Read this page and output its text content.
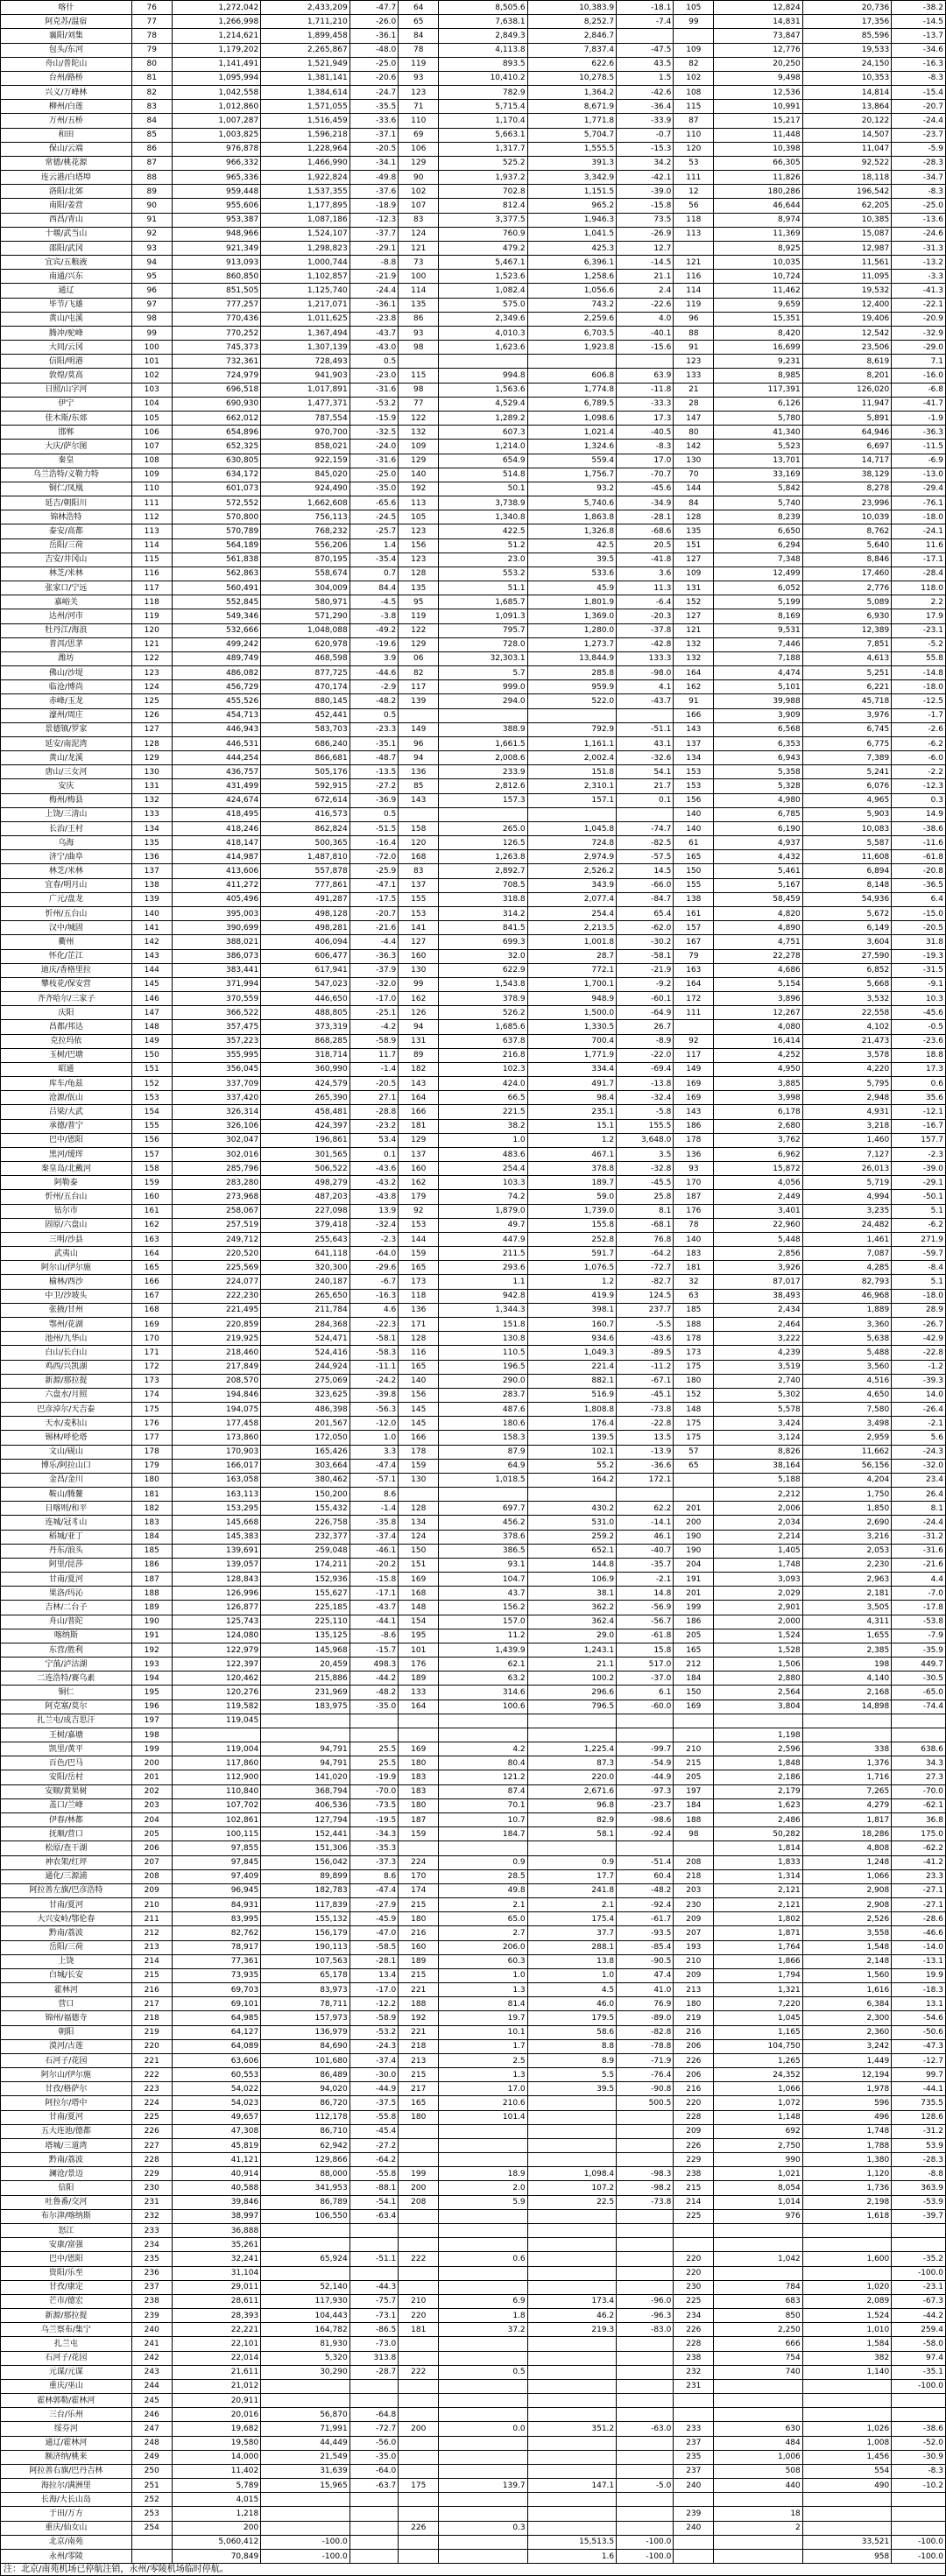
喀什	76	1,272,042	2,433,209	-47.7	64	8,505.6	10,383.9	-18.1	105	12,824	20,736	-38.2
阿克苏/温宿	77	1,266,998	1,711,210	-26.0	65	7,638.1	8,252.7	-7.4	99	14,831	17,356	-14.5
襄阳/刘集	78	1,214,621	1,899,458	-36.1	84	2,849.3	2,846.7			73,847	85,596	-13.7
包头/东河	79	1,179,202	2,265,867	-48.0	78	4,113.8	7,837.4	-47.5	109	12,776	19,533	-34.6
舟山/普陀山	80	1,141,491	1,521,949	-25.0	119	893.5	622.6	43.5	82	20,250	24,150	-16.3
台州/路桥	81	1,095,994	1,381,141	-20.6	93	10,410.2	10,278.5	1.5	102	9,498	10,353	-8.3
兴义/万峰林	82	1,042,558	1,384,614	-24.7	123	782.9	1,364.2	-42.6	108	12,536	14,814	-15.4
柳州/白莲	83	1,012,860	1,571,055	-35.5	71	5,715.4	8,671.9	-36.4	115	10,991	13,864	-20.7
万州/五桥	84	1,007,287	1,516,459	-33.6	110	1,170.4	1,771.8	-33.9	87	15,217	20,122	-24.4
和田	85	1,003,825	1,596,218	-37.1	69	5,663.1	5,704.7	-0.7	110	11,448	14,507	-23.7
保山/云端	86	976,878	1,228,964	-20.5	106	1,317.7	1,555.5	-15.3	120	10,398	11,047	-5.9
常德/桃花源	87	966,332	1,466,990	-34.1	129	525.2	391.3	34.2	53	66,305	92,522	-28.3
连云港/白塔埠	88	965,336	1,922,824	-49.8	90	1,937.2	3,342.9	-42.1	111	11,826	18,118	-34.7
洛阳/北郊	89	959,448	1,537,355	-37.6	102	702.8	1,151.5	-39.0	12	180,286	196,542	-8.3
南阳/姜营	90	955,606	1,177,895	-18.9	107	812.4	965.2	-15.8	56	46,644	62,205	-25.0
西昌/青山	91	953,387	1,087,186	-12.3	83	3,377.5	1,946.3	73.5	118	8,974	10,385	-13.6
十堰/武当山	92	948,966	1,524,107	-37.7	124	760.9	1,041.5	-26.9	113	11,369	15,087	-24.6
邵阳/武冈	93	921,349	1,298,823	-29.1	121	479.2	425.3	12.7		8,925	12,987	-31.3
宜宾/五粮液	94	913,093	1,000,744	-8.8	73	5,467.1	6,396.1	-14.5	121	10,035	11,561	-13.2
南通/兴东	95	860,850	1,102,857	-21.9	100	1,523.6	1,258.6	21.1	116	10,724	11,095	-3.3
通辽	96	851,505	1,125,740	-24.4	114	1,082.4	1,056.6	2.4	114	11,462	19,532	-41.3
毕节/飞雄	97	777,257	1,217,071	-36.1	135	575.0	743.2	-22.6	119	9,659	12,400	-22.1
黄山/屯溪	98	770,436	1,011,625	-23.8	86	2,349.6	2,259.6	4.0	96	15,351	19,406	-20.9
腾冲/驼峰	99	770,252	1,367,494	-43.7	93	4,010.3	6,703.5	-40.1	88	8,420	12,542	-32.9
大同/云冈	100	745,373	1,307,139	-43.0	98	1,623.6	1,923.8	-15.6	91	16,699	23,506	-29.0
信阳/明港	101	732,361	728,493	0.5					123	9,231	8,619	7.1
敦煌/莫高	102	724,979	941,903	-23.0	115	994.8	606.8	63.9	133	8,985	8,201	-16.0
日照/山字河	103	696,518	1,017,891	-31.6	98	1,563.6	1,774.8	-11.8	21	117,391	126,020	-6.8
伊宁	104	690,930	1,477,371	-53.2	77	4,529.4	6,789.5	-33.3	28	6,126	11,947	-41.7
佳木斯/东郊	105	662,012	787,554	-15.9	122	1,289.2	1,098.6	17.3	147	5,780	5,891	-1.9
邯郸	106	654,896	970,700	-32.5	132	607.3	1,021.4	-40.5	80	41,340	64,946	-36.3
大庆/萨尔图	107	652,325	858,021	-24.0	109	1,214.0	1,324.6	-8.3	142	5,523	6,697	-11.5
秦皇	108	630,805	922,159	-31.6	129	654.9	559.4	17.0	130	13,701	14,717	-6.9
乌兰浩特/义勒力特	109	634,172	845,020	-25.0	140	514.8	1,756.7	-70.7	70	33,169	38,129	-13.0
铜仁/凤凰	110	601,073	924,490	-35.0	192	50.1	93.2	-45.6	144	5,842	8,278	-29.4
延吉/朝阳川	111	572,552	1,662,608	-65.6	113	3,738.9	5,740.6	-34.9	84	5,740	23,996	-76.1
锦林浩特	112	570,800	756,113	-24.5	105	1,340.8	1,863.8	-28.1	128	8,239	10,039	-18.0
泰安/高都	113	570,789	768,232	-25.7	123	422.5	1,326.8	-68.6	135	6,650	8,762	-24.1
岳阳/三荷	114	564,189	556,206	1.4	156	51.2	42.5	20.5	151	6,294	5,640	11.6
吉安/井冈山	115	561,838	870,195	-35.4	123	23.0	39.5	-41.8	127	7,348	8,846	-17.1
林芝/米林	116	562,863	558,674	0.7	128	553.2	533.6	3.6	109	12,499	17,460	-28.4
张家口/宁远	117	560,491	304,009	84.4	135	51.1	45.9	11.3	131	6,052	2,776	118.0
嘉峪关	118	552,845	580,971	-4.5	95	1,685.7	1,801.9	-6.4	152	5,199	5,089	2.2
达州/河市	119	549,346	571,290	-3.8	119	1,091.3	1,369.0	-20.3	127	8,169	6,930	17.9
牡丹江/海浪	120	532,666	1,048,088	-49.2	122	795.7	1,280.0	-37.8	121	9,531	12,389	-23.1
普洱/思茅	121	499,242	620,978	-19.6	129	728.0	1,273.7	-42.8	132	7,446	7,851	-5.2
潍坊	122	489,749	468,598	3.9	06	32,303.1	13,844.9	133.3	132	7,188	4,613	55.8
佛山/沙堤	123	486,082	877,725	-44.6	82	5.7	285.8	-98.0	164	4,474	5,251	-14.8
临沧/博尚	124	456,729	470,174	-2.9	117	999.0	959.9	4.1	162	5,101	6,221	-18.0
赤峰/玉龙	125	455,526	880,145	-48.2	139	294.0	522.0	-43.7	91	39,988	45,718	-12.5
濠州/周庄	126	454,713	452,441	0.5					166	3,909	3,976	-1.7
景德镇/罗家	127	446,943	583,703	-23.3	149	388.9	792.9	-51.1	143	6,568	6,745	-2.6
延安/南泥湾	128	446,531	686,240	-35.1	96	1,661.5	1,161.1	43.1	137	6,353	6,775	-6.2
黄山/龙溪	129	444,254	866,681	-48.7	94	2,008.6	2,002.4	-32.6	134	6,943	7,389	-6.0
唐山/三女河	130	436,757	505,176	-13.5	136	233.9	151.8	54.1	153	5,358	5,241	-2.2
安庆	131	431,499	592,915	-27.2	85	2,812.6	2,310.1	21.7	153	5,328	6,076	-12.3
梅州/梅县	132	424,674	672,614	-36.9	143	157.3	157.1	0.1	156	4,980	4,965	0.3
上饶/三清山	133	418,495	416,573	0.5					140	6,785	5,903	14.9
长治/王村	134	418,246	862,824	-51.5	158	265.0	1,045.8	-74.7	140	6,190	10,083	-38.6
乌海	135	418,147	500,365	-16.4	120	126.5	724.8	-82.5	61	4,937	5,587	-11.6
济宁/曲阜	136	414,987	1,487,810	-72.0	168	1,263.8	2,974.9	-57.5	165	4,432	11,608	-61.8
林芝/米林	137	413,606	557,878	-25.9	83	2,892.7	2,526.2	14.5	150	5,461	6,894	-20.8
宜春/明月山	138	411,272	777,861	-47.1	137	708.5	343.9	-66.0	155	5,167	8,148	-36.5
广元/盘龙	139	405,496	491,287	-17.5	155	318.8	2,077.4	-84.7	138	58,459	54,936	6.4
忻州/五台山	140	395,003	498,128	-20.7	153	314.2	254.4	65.4	161	4,820	5,672	-15.0
汉中/城固	141	390,699	498,281	-21.6	141	841.5	2,213.5	-62.0	157	4,890	6,149	-20.5
衢州	142	388,021	406,094	-4.4	127	699.3	1,001.8	-30.2	167	4,751	3,604	31.8
怀化/芷江	143	386,073	606,477	-36.3	160	32.0	28.7	-58.1	79	22,278	27,590	-19.3
迪庆/香格里拉	144	383,441	617,941	-37.9	130	622.9	772.1	-21.9	163	4,686	6,852	-31.5
攀枝花/保安营	145	371,994	547,023	-32.0	99	1,543.8	1,700.1	-9.2	164	5,154	5,668	-9.1
齐齐哈尔/三家子	146	370,559	446,650	-17.0	162	378.9	948.9	-60.1	172	3,896	3,532	10.3
庆阳	147	366,522	488,805	-25.1	126	526.2	1,500.0	-64.9	111	12,267	22,558	-45.6
昌都/邦达	148	357,475	373,319	-4.2	94	1,685.6	1,330.5	26.7		4,080	4,102	-0.5
克拉玛依	149	357,223	868,285	-58.9	131	637.8	700.4	-8.9	92	16,414	21,473	-23.6
玉树/巴塘	150	355,995	318,714	11.7	89	216.8	1,771.9	-22.0	117	4,252	3,578	18.8
昭通	151	356,045	360,990	-1.4	182	102.3	334.4	-69.4	149	4,950	4,220	17.3
库车/龟兹	152	337,709	424,579	-20.5	143	424.0	491.7	-13.8	169	3,885	5,795	0.6
沧源/佤山	153	337,420	265,390	27.1	164	66.5	98.4	-32.4	169	3,998	2,948	35.6
吕梁/大武	154	326,314	458,481	-28.8	166	221.5	235.1	-5.8	143	6,178	4,931	-12.1
承德/普宁	155	326,106	424,397	-23.2	181	38.2	15.1	155.5	186	2,680	3,218	-16.7
巴中/恩阳	156	302,047	196,861	53.4	129	1.0	1.2	3,648.0	178	3,762	1,460	157.7
黑河/瑷珲	157	302,016	301,565	0.1	137	483.6	467.1	3.5	136	6,962	7,127	-2.3
秦皇岛/北戴河	158	285,796	506,522	-43.6	160	254.4	378.8	-32.8	93	15,872	26,013	-39.0
阿勒泰	159	283,280	498,279	-43.2	162	103.3	189.7	-45.5	170	4,056	5,719	-29.1
忻州/五台山	160	273,968	487,203	-43.8	179	74.2	59.0	25.8	187	2,449	4,994	-50.1
钻尔市	161	258,067	227,098	13.9	92	1,879.0	1,739.0	8.1	176	3,401	3,235	5.1
固原/六盘山	162	257,519	379,418	-32.4	153	49.7	155.8	-68.1	78	22,960	24,482	-6.2
三明/沙县	163	249,712	255,643	-2.3	144	447.9	252.8	76.8	140	5,448	1,461	271.9
武夷山	164	220,520	641,118	-64.0	159	211.5	591.7	-64.2	183	2,856	7,087	-59.7
阿尔山/伊尔施	165	225,569	320,300	-29.6	165	293.6	1,076.5	-72.7	181	3,926	4,285	-8.4
榆林/西沙	166	224,077	240,187	-6.7	173	1.1	1.2	-82.7	32	87,017	82,793	5.1
中卫/沙坡头	167	222,230	265,650	-16.3	118	942.8	419.9	124.5	63	38,493	46,968	-18.0
张掖/甘州	168	221,495	211,784	4.6	136	1,344.3	398.1	237.7	185	2,434	1,889	28.9
鄂州/花湖	169	220,859	284,368	-22.3	171	151.8	160.7	-5.5	188	2,464	3,360	-26.7
池州/九华山	170	219,925	524,471	-58.1	128	130.8	934.6	-43.6	178	3,222	5,638	-42.9
白山/长白山	171	218,460	524,416	-58.3	116	110.5	1,049.3	-89.5	173	4,239	5,488	-22.8
鸡西/兴凯湖	172	217,849	244,924	-11.1	165	196.5	221.4	-11.2	175	3,519	3,560	-1.2
新源/那拉提	173	208,570	275,069	-24.2	140	290.0	882.1	-67.1	180	2,740	4,516	-39.3
六盘水/月照	174	194,846	323,625	-39.8	156	283.7	516.9	-45.1	152	5,302	4,650	14.0
巴彦淖尔/天吉泰	175	194,075	486,398	-56.3	145	487.6	1,808.8	-73.8	148	5,578	7,580	-26.4
天水/麦积山	176	177,458	201,567	-12.0	145	180.6	176.4	-22.8	175	3,424	3,498	-2.1
锡林/呼伦塔	177	173,860	172,050	1.0	166	158.3	139.5	13.5	175	3,124	2,959	5.6
文山/砚山	178	170,903	165,426	3.3	178	87.9	102.1	-13.9	57	8,826	11,662	-24.3
博乐/阿拉山口	179	166,017	303,664	-47.4	159	64.9	55.2	-36.6	65	38,164	56,156	-32.0
金昌/金川	180	163,058	380,462	-57.1	130	1,018.5	164.2	172.1		5,188	4,204	23.4
鞍山/腾鳌	181	163,113	150,200	8.6						2,212	1,750	26.4
日喀则/和平	182	153,295	155,432	-1.4	128	697.7	430.2	62.2	201	2,006	1,850	8.1
连城/冠豸山	183	145,668	226,758	-35.8	134	456.2	531.0	-14.1	200	2,034	2,690	-24.4
稻城/亚丁	184	145,383	232,377	-37.4	124	378.6	259.2	46.1	190	2,214	3,216	-31.2
丹东/浪头	185	139,691	259,048	-46.1	150	386.5	652.1	-40.7	190	1,405	2,053	-31.6
阿里/昆莎	186	139,057	174,211	-20.2	151	93.1	144.8	-35.7	204	1,748	2,230	-21.6
甘南/夏河	187	128,843	152,936	-15.8	169	104.7	106.9	-2.1	191	3,093	2,963	4.4
果洛/玛沁	188	126,996	155,627	-17.1	168	43.7	38.1	14.8	201	2,029	2,181	-7.0
吉林/二台子	189	126,877	225,185	-43.7	148	156.2	362.2	-56.9	199	2,901	3,505	-17.8
舟山/普陀	190	125,743	225,110	-44.1	154	157.0	362.4	-56.7	186	2,000	4,311	-53.8
喀纳斯	191	124,080	135,125	-8.6	195	11.2	29.0	-61.8	205	1,524	1,655	-7.9
东营/胜利	192	122,979	145,968	-15.7	101	1,439.9	1,243.1	15.8	165	1,528	2,385	-35.9
宁蒗/泸沽湖	193	122,397	20,459	498.3	176	62.1	21.1	517.0	212	1,506	198	449.7
二连浩特/赛乌素	194	120,462	215,886	-44.2	189	63.2	100.2	-37.0	184	2,880	4,140	-30.5
铜仁	195	120,276	231,969	-48.2	133	314.6	296.6	6.1	150	2,564	2,168	-65.0
阿克塞/莫尔	196	119,582	183,975	-35.0	164	100.6	796.5	-60.0	169	3,804	14,898	-74.4
扎兰屯/成吉思汗	197	119,045										
王树/嘉塘	198									1,198		
凯里/黄平	199	119,004	94,791	25.5	169	4.2	1,225.4	-99.7	210	2,596	338	638.6
百色/巴马	200	117,860	94,791	25.5	180	80.4	87.3	-54.9	215	1,848	1,376	34.3
安阳/岳村	201	112,900	141,020	-19.9	183	121.2	220.0	-44.9	205	2,186	1,716	27.3
安顺/黄果树	202	110,840	368,794	-70.0	183	87.4	2,671.6	-97.3	197	2,179	7,265	-70.0
盖口/兰峰	203	107,702	406,536	-73.5	180	70.1	96.8	-23.7	184	1,623	4,279	-62.1
伊春/林都	204	102,861	127,794	-19.5	187	10.7	82.9	-98.6	188	2,486	1,817	36.8
抚顺/营口	205	100,115	152,441	-34.3	159	184.7	58.1	-92.4	98	50,282	18,286	175.0
松原/查干湖	206	97,855	151,306	-35.3						1,814	4,808	-62.2
神农架/红坪	207	97,845	156,042	-37.3	224	0.9	0.9	-51.4	208	1,833	1,248	-41.2
通化/三源浦	208	97,409	89,899	8.6	170	28.5	17.7	60.4	218	1,314	1,066	23.3
阿拉善左旗/巴彦浩特	209	96,945	182,783	-47.4	174	49.8	241.8	-48.2	203	2,121	2,908	-27.1
甘南/夏河	210	84,931	117,839	-27.9	215	2.1	2.1	-92.4	230	2,121	2,908	-27.1
大兴安岭/鄂伦春	211	83,995	155,132	-45.9	180	65.0	175.4	-61.7	209	1,802	2,526	-28.6
黔南/荔波	212	82,762	156,179	-47.0	216	2.7	37.7	-93.5	207	1,871	3,558	-46.6
岳阳/三荷	213	78,917	190,113	-58.5	160	206.0	288.1	-85.4	193	1,764	1,548	-14.0
上饶	214	77,361	107,563	-28.1	189	60.3	13.8	-90.5	210	1,866	2,148	-13.1
白城/长安	215	73,935	65,178	13.4	215	1.0	1.0	47.4	209	1,794	1,560	19.9
霍林河	216	69,703	83,973	-17.0	221	1.3	4.5	41.0	213	1,321	1,616	-18.3
营口	217	69,101	78,711	-12.2	188	81.4	46.0	76.9	180	7,220	6,384	13.1
锦州/福德寺	218	64,985	157,973	-58.9	192	19.7	179.5	-89.0	219	1,045	2,300	-54.6
朝阳	219	64,127	136,979	-53.2	221	10.1	58.6	-82.8	216	1,165	2,360	-50.6
漠河/古莲	220	64,089	84,690	-24.3	218	1.7	8.8	-78.8	206	104,750	3,242	-47.3
石河子/花园	221	63,606	101,680	-37.4	213	2.5	8.9	-71.9	226	1,265	1,449	-12.7
阿尔山/伊尔施	222	60,553	86,489	-30.0	215	1.3	5.5	-76.4	206	24,352	12,194	99.7
甘孜/格萨尔	223	54,022	94,020	-44.9	217	17.0	39.5	-90.8	216	1,066	1,978	-44.1
阿拉尔/塔中	224	54,023	86,720	-37.5	165	210.6		500.5	220	1,072	596	735.5
甘南/夏河	225	49,657	112,178	-55.8	180	101.4			228	1,148	496	128.6
五大连池/德都	226	47,308	86,710	-45.4					209	692	1,748	-31.2
塔城/三道湾	227	45,819	62,942	-27.2					226	2,750	1,788	53.9
黔南/荔波	228	41,121	129,866	-64.2					229	990	1,380	-28.3
澜沧/景迈	229	40,914	88,000	-55.8	199	18.9	1,098.4	-98.3	238	1,021	1,120	-8.8
信阳	230	40,588	341,953	-88.1	200	2.0	107.2	-98.2	215	8,054	1,736	363.9
吐鲁番/交河	231	39,846	86,789	-54.1	208	5.9	22.5	-73.8	214	1,014	2,198	-53.9
布尔津/喀纳斯	232	38,997	106,550	-63.4					225	976	1,618	-39.7
怒江	233	36,888										
安康/富强	234	35,261										
巴中/恩阳	235	32,241	65,924	-51.1	222	0.6			220	1,042	1,600	-35.2
资阳/乐至	236	31,104							220			-100.0
甘孜/康定	237	29,011	52,140	-44.3					230	784	1,020	-23.1
芒市/德宏	238	28,611	117,930	-75.7	210	6.9	173.4	-96.0	225	683	2,089	-67.3
新源/那拉提	239	28,393	104,443	-73.1	220	1.8	46.2	-96.3	234	850	1,524	-44.2
乌兰察布/集宁	240	22,221	164,782	-86.5	181	37.2	219.3	-83.0	226	2,250	1,010	259.4
扎兰屯	241	22,101	81,930	-73.0					228	666	1,584	-58.0
石河子/花园	242	22,014	5,320	313.8					238	754	382	97.4
元谋/元谋	243	21,611	30,290	-28.7	222	0.5			232	740	1,140	-35.1
重庆/巫山	244	21,012							231			-100.0
霍林郭勒/霍林河	245	20,911										
三台/乐州	246	20,016	56,870	-64.8								
绥芬河	247	19,682	71,991	-72.7	200	0.0	351.2	-63.0	233	630	1,026	-38.6
通辽/霍林河	248	19,580	44,449	-56.0					237	484	1,008	-52.0
额济纳/桃来	249	14,000	21,549	-35.0					235	1,006	1,456	-30.9
阿拉善右旗/巴丹吉林	250	11,402	31,639	-64.0					237	508	554	-8.3
海拉尔/满洲里	251	5,789	15,965	-63.7	175	139.7	147.1	-5.0	240	440	490	-10.2
长海/大长山岛	252	4,015										
于田/万方	253	1,218							239	18		
重庆/仙女山	254	200			226	0.3			240	2		
北京/南苑		5,060,412	-100.0				15,513.5	-100.0			33,521	-100.0
永州/零陵		70,849	-100.0				1.6	-100.0			958	-100.0
注：北京/南苑机场已停航注销，永州/零陵机场临时停航。
